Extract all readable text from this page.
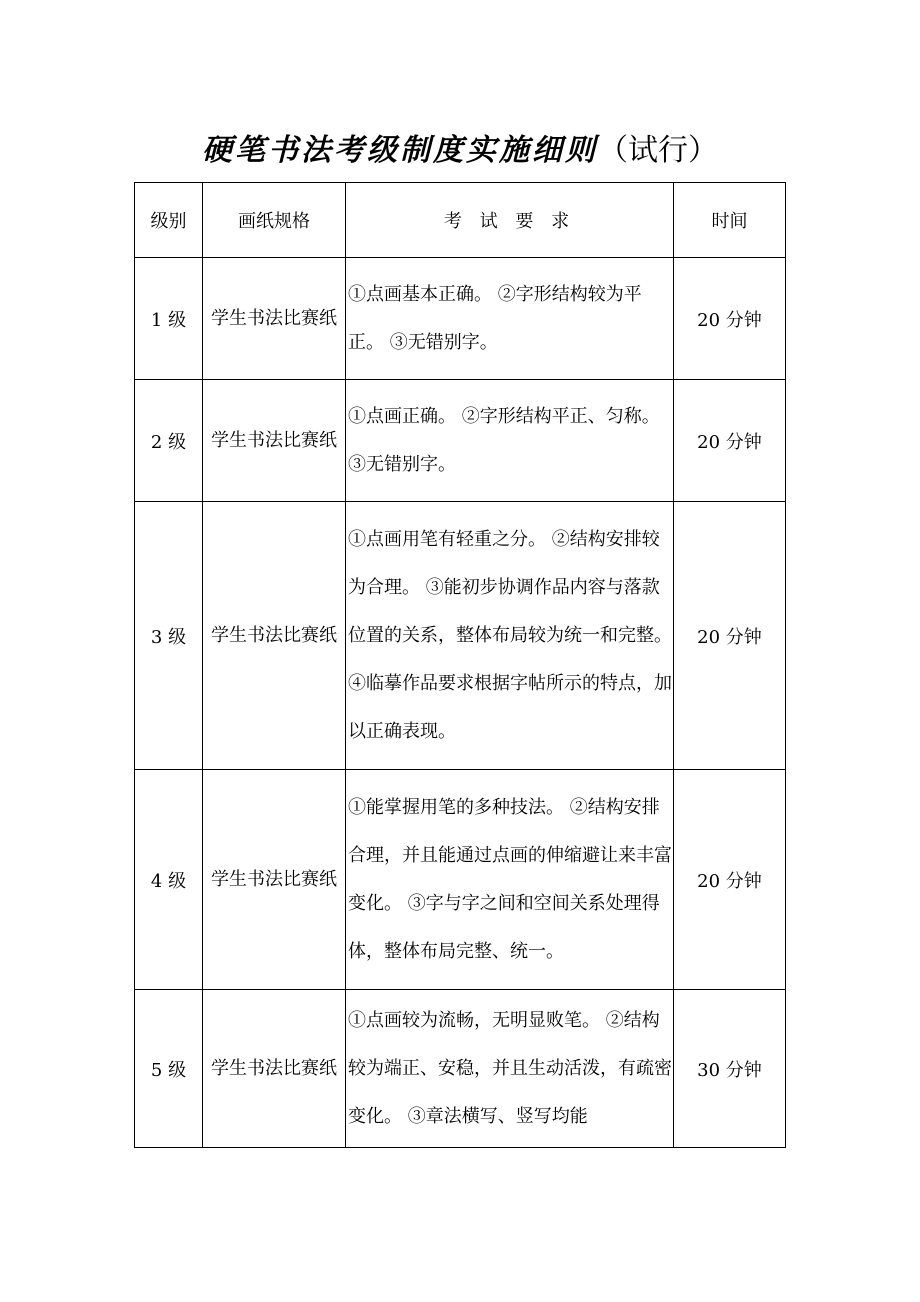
硬笔书法考级制度实施细则（试行）
级别	画纸规格	考 试 要 求	时间
1 级	学生书法比赛纸	①点画基本正确。 ②字形结构较为平正。 ③无错别字。	20 分钟
2 级	学生书法比赛纸	①点画正确。 ②字形结构平正、匀称。 ③无错别字。	20 分钟
3 级	学生书法比赛纸	①点画用笔有轻重之分。 ②结构安排较为合理。 ③能初步协调作品内容与落款位置的关系，整体布局较为统一和完整。 ④临摹作品要求根据字帖所示的特点，加以正确表现。	20 分钟
4 级	学生书法比赛纸	①能掌握用笔的多种技法。 ②结构安排合理，并且能通过点画的伸缩避让来丰富变化。 ③字与字之间和空间关系处理得体，整体布局完整、统一。	20 分钟
5 级	学生书法比赛纸	①点画较为流畅，无明显败笔。 ②结构较为端正、安稳，并且生动活泼，有疏密变化。 ③章法横写、竖写均能	30 分钟
